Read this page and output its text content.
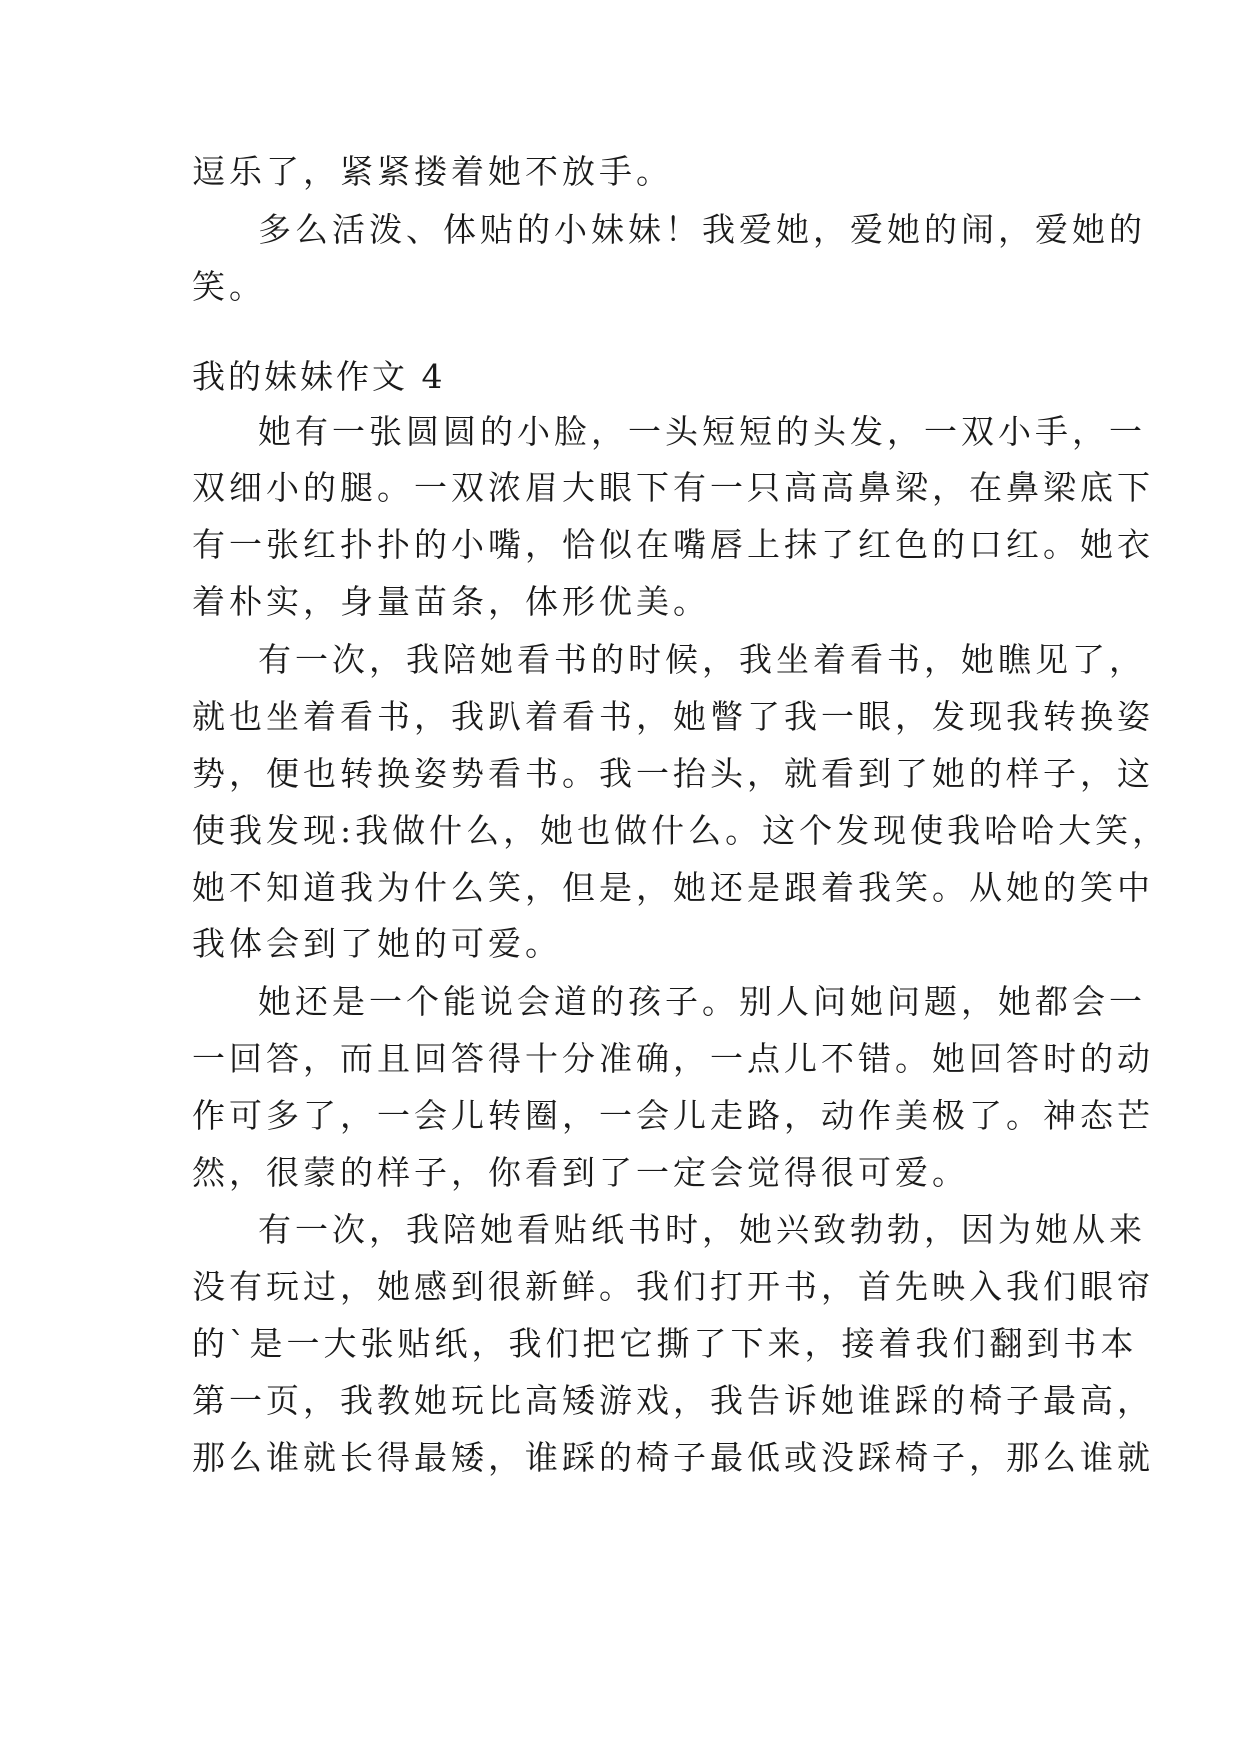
逗乐了，紧紧搂着她不放手。
多么活泼、体贴的小妹妹！我爱她，爱她的闹，爱她的
笑。
我的妹妹作文 4
她有一张圆圆的小脸，一头短短的头发，一双小手，一
双细小的腿。一双浓眉大眼下有一只高高鼻梁，在鼻梁底下
有一张红扑扑的小嘴，恰似在嘴唇上抹了红色的口红。她衣
着朴实，身量苗条，体形优美。
有一次，我陪她看书的时候，我坐着看书，她瞧见了，
就也坐着看书，我趴着看书，她瞥了我一眼，发现我转换姿
势，便也转换姿势看书。我一抬头，就看到了她的样子，这
使我发现:我做什么，她也做什么。这个发现使我哈哈大笑，
她不知道我为什么笑，但是，她还是跟着我笑。从她的笑中
我体会到了她的可爱。
她还是一个能说会道的孩子。别人问她问题，她都会一
一回答，而且回答得十分准确，一点儿不错。她回答时的动
作可多了，一会儿转圈，一会儿走路，动作美极了。神态芒
然，很蒙的样子，你看到了一定会觉得很可爱。
有一次，我陪她看贴纸书时，她兴致勃勃，因为她从来
没有玩过，她感到很新鲜。我们打开书，首先映入我们眼帘
的`是一大张贴纸，我们把它撕了下来，接着我们翻到书本
第一页，我教她玩比高矮游戏，我告诉她谁踩的椅子最高，
那么谁就长得最矮，谁踩的椅子最低或没踩椅子，那么谁就
